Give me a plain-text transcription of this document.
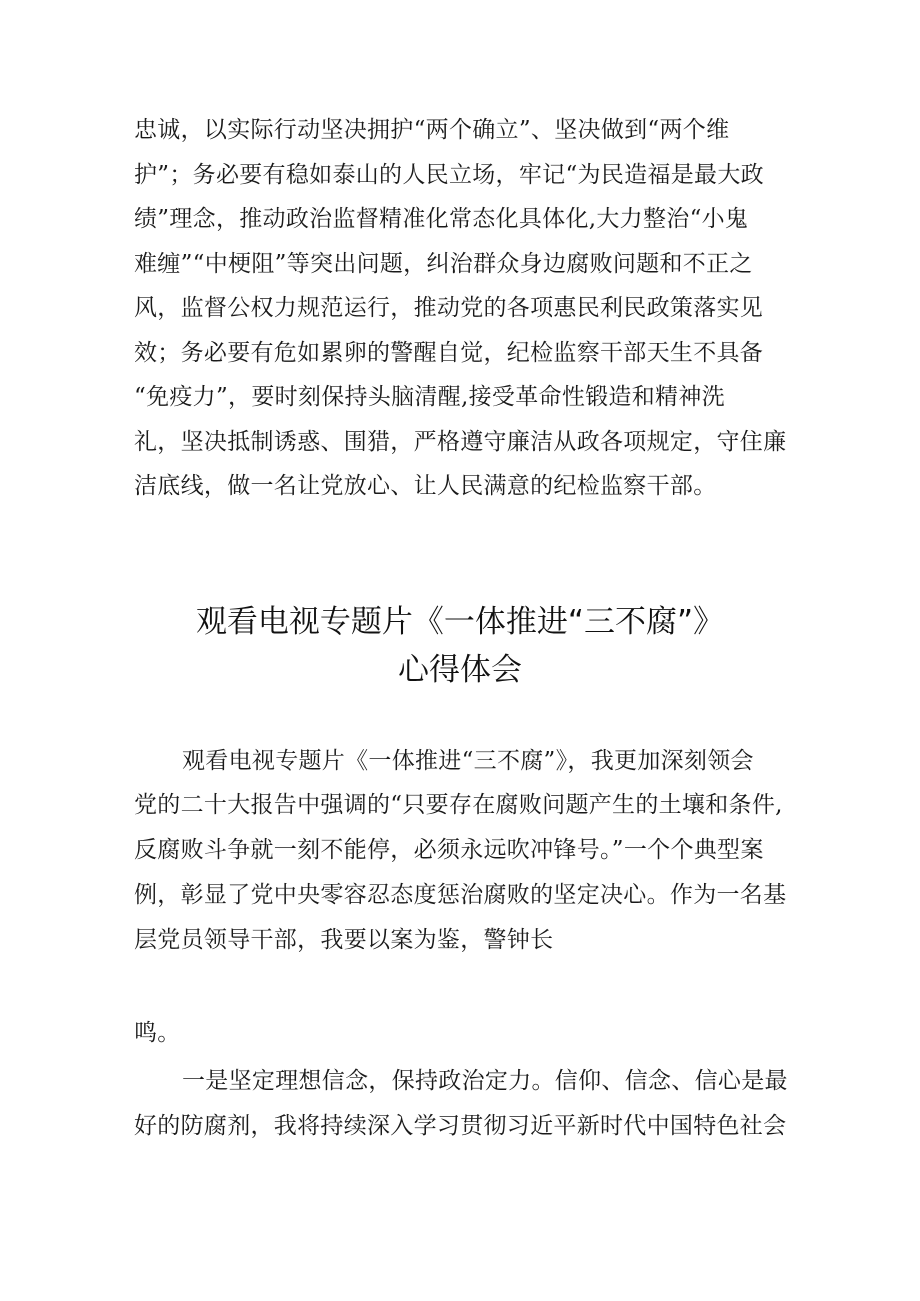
忠诚，以实际行动坚决拥护“两个确立”、坚决做到“两个维
护”；务必要有稳如泰山的人民立场，牢记“为民造福是最大政
绩”理念，推动政治监督精准化常态化具体化,大力整治“小鬼
难缠”“中梗阻”等突出问题，纠治群众身边腐败问题和不正之
风，监督公权力规范运行，推动党的各项惠民利民政策落实见
效；务必要有危如累卵的警醒自觉，纪检监察干部天生不具备
“免疫力”，要时刻保持头脑清醒,接受革命性锻造和精神洗
礼，坚决抵制诱惑、围猎，严格遵守廉洁从政各项规定，守住廉
洁底线，做一名让党放心、让人民满意的纪检监察干部。
观看电视专题片《一体推进“三不腐”》
心得体会
观看电视专题片《一体推进“三不腐”》，我更加深刻领会
党的二十大报告中强调的“只要存在腐败问题产生的土壤和条件,
反腐败斗争就一刻不能停，必须永远吹冲锋号。”一个个典型案
例，彰显了党中央零容忍态度惩治腐败的坚定决心。作为一名基
层党员领导干部，我要以案为鉴，警钟长
鸣。
一是坚定理想信念，保持政治定力。信仰、信念、信心是最
好的防腐剂，我将持续深入学习贯彻习近平新时代中国特色社会
